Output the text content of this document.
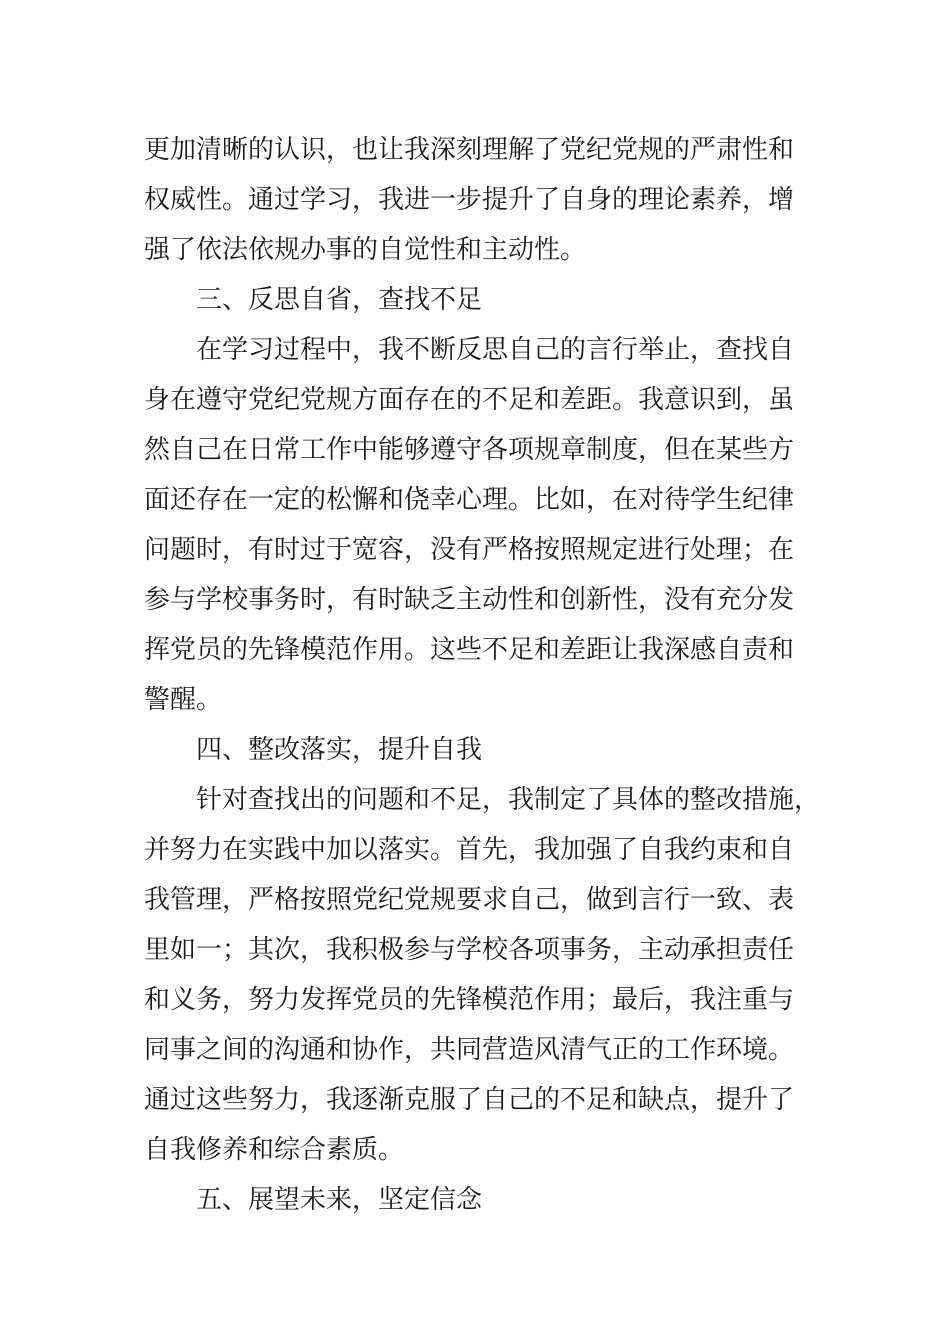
更加清晰的认识，也让我深刻理解了党纪党规的严肃性和
权威性。通过学习，我进一步提升了自身的理论素养，增
强了依法依规办事的自觉性和主动性。
三、反思自省，查找不足
在学习过程中，我不断反思自己的言行举止，查找自
身在遵守党纪党规方面存在的不足和差距。我意识到，虽
然自己在日常工作中能够遵守各项规章制度，但在某些方
面还存在一定的松懈和侥幸心理。比如，在对待学生纪律
问题时，有时过于宽容，没有严格按照规定进行处理；在
参与学校事务时，有时缺乏主动性和创新性，没有充分发
挥党员的先锋模范作用。这些不足和差距让我深感自责和
警醒。
四、整改落实，提升自我
针对查找出的问题和不足，我制定了具体的整改措施，
并努力在实践中加以落实。首先，我加强了自我约束和自
我管理，严格按照党纪党规要求自己，做到言行一致、表
里如一；其次，我积极参与学校各项事务，主动承担责任
和义务，努力发挥党员的先锋模范作用；最后，我注重与
同事之间的沟通和协作，共同营造风清气正的工作环境。
通过这些努力，我逐渐克服了自己的不足和缺点，提升了
自我修养和综合素质。
五、展望未来，坚定信念
